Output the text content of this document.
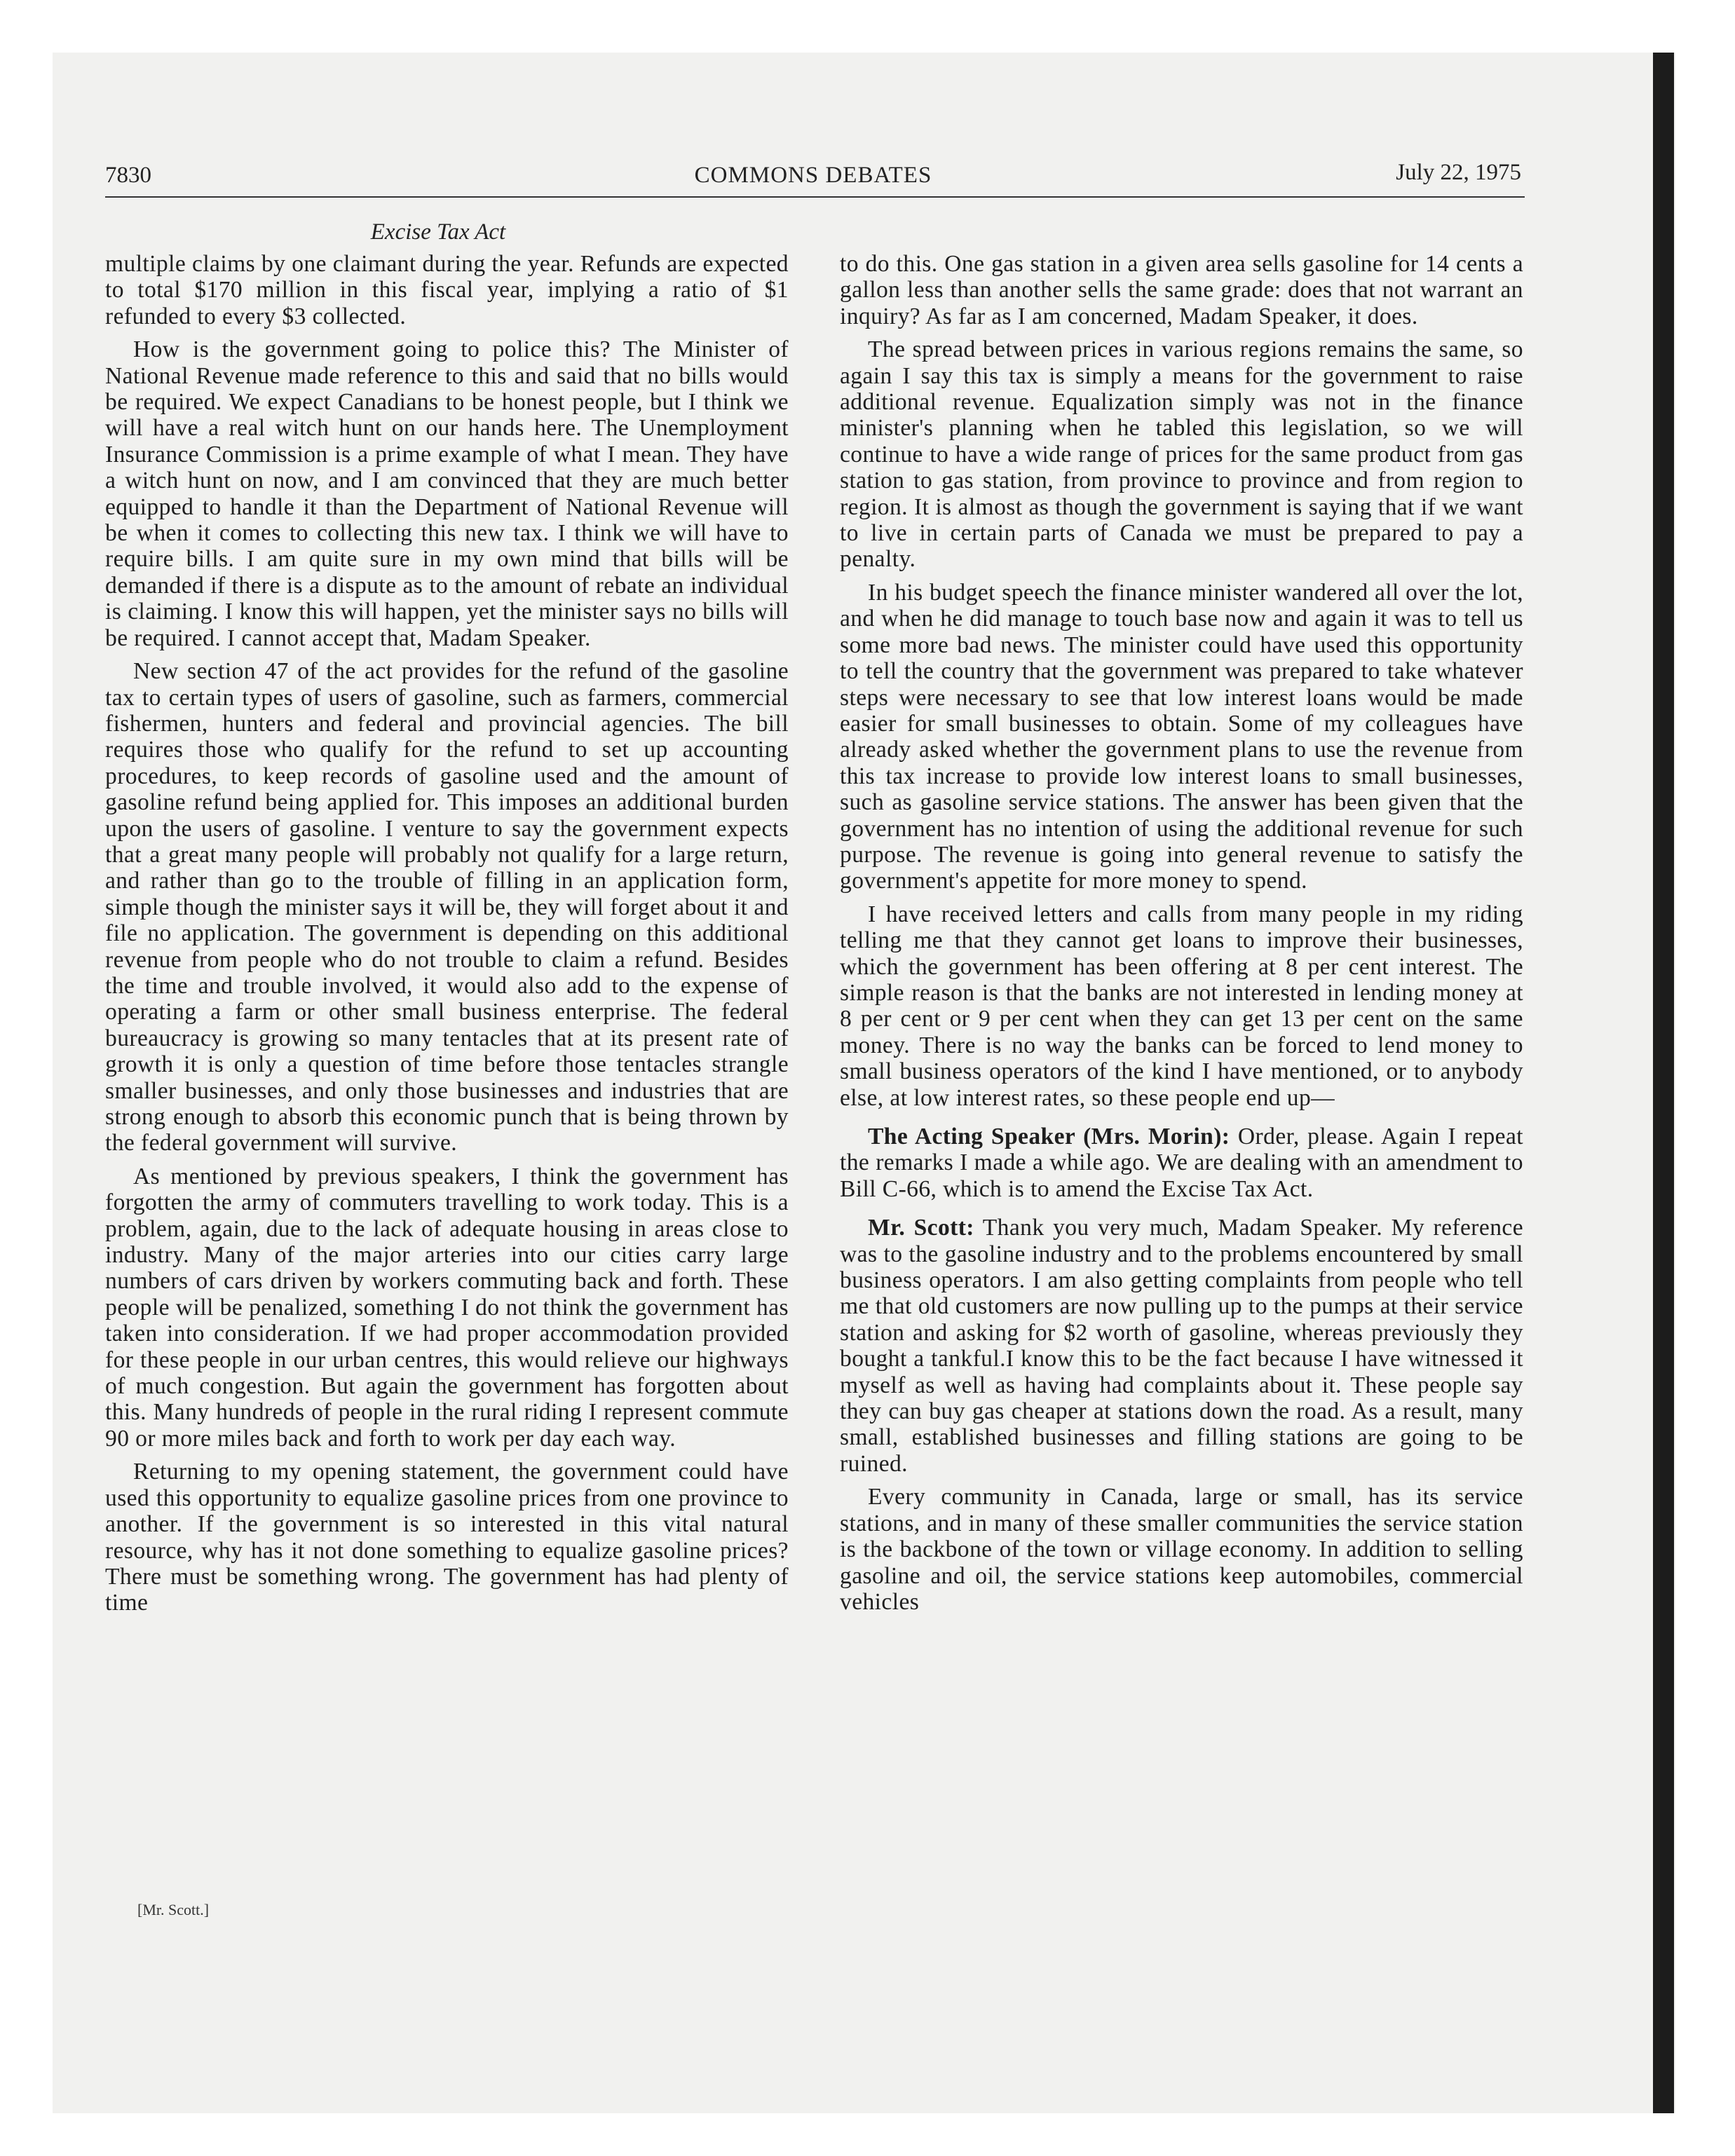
7830	COMMONS DEBATES	July 22, 1975
Excise Tax Act

multiple claims by one claimant during the year. Refunds are expected to total $170 million in this fiscal year, implying a ratio of $1 refunded to every $3 collected.

How is the government going to police this? The Minister of National Revenue made reference to this and said that no bills would be required. We expect Canadians to be honest people, but I think we will have a real witch hunt on our hands here. The Unemployment Insurance Commission is a prime example of what I mean. They have a witch hunt on now, and I am convinced that they are much better equipped to handle it than the Department of National Revenue will be when it comes to collecting this new tax. I think we will have to require bills. I am quite sure in my own mind that bills will be demanded if there is a dispute as to the amount of rebate an individual is claiming. I know this will happen, yet the minister says no bills will be required. I cannot accept that, Madam Speaker.

New section 47 of the act provides for the refund of the gasoline tax to certain types of users of gasoline, such as farmers, commercial fishermen, hunters and federal and provincial agencies. The bill requires those who qualify for the refund to set up accounting procedures, to keep records of gasoline used and the amount of gasoline refund being applied for. This imposes an additional burden upon the users of gasoline. I venture to say the government expects that a great many people will probably not qualify for a large return, and rather than go to the trouble of filling in an application form, simple though the minister says it will be, they will forget about it and file no application. The government is depending on this additional revenue from people who do not trouble to claim a refund. Besides the time and trouble involved, it would also add to the expense of operating a farm or other small business enterprise. The federal bureaucracy is growing so many tentacles that at its present rate of growth it is only a question of time before those tentacles strangle smaller businesses, and only those businesses and industries that are strong enough to absorb this economic punch that is being thrown by the federal government will survive.

As mentioned by previous speakers, I think the government has forgotten the army of commuters travelling to work today. This is a problem, again, due to the lack of adequate housing in areas close to industry. Many of the major arteries into our cities carry large numbers of cars driven by workers commuting back and forth. These people will be penalized, something I do not think the government has taken into consideration. If we had proper accommodation provided for these people in our urban centres, this would relieve our highways of much congestion. But again the government has forgotten about this. Many hundreds of people in the rural riding I represent commute 90 or more miles back and forth to work per day each way.

Returning to my opening statement, the government could have used this opportunity to equalize gasoline prices from one province to another. If the government is so interested in this vital natural resource, why has it not done something to equalize gasoline prices? There must be something wrong. The government has had plenty of time

to do this. One gas station in a given area sells gasoline for 14 cents a gallon less than another sells the same grade: does that not warrant an inquiry? As far as I am concerned, Madam Speaker, it does.

The spread between prices in various regions remains the same, so again I say this tax is simply a means for the government to raise additional revenue. Equalization simply was not in the finance minister's planning when he tabled this legislation, so we will continue to have a wide range of prices for the same product from gas station to gas station, from province to province and from region to region. It is almost as though the government is saying that if we want to live in certain parts of Canada we must be prepared to pay a penalty.

In his budget speech the finance minister wandered all over the lot, and when he did manage to touch base now and again it was to tell us some more bad news. The minister could have used this opportunity to tell the country that the government was prepared to take whatever steps were necessary to see that low interest loans would be made easier for small businesses to obtain. Some of my colleagues have already asked whether the government plans to use the revenue from this tax increase to provide low interest loans to small businesses, such as gasoline service stations. The answer has been given that the government has no intention of using the additional revenue for such purpose. The revenue is going into general revenue to satisfy the government's appetite for more money to spend.

I have received letters and calls from many people in my riding telling me that they cannot get loans to improve their businesses, which the government has been offering at 8 per cent interest. The simple reason is that the banks are not interested in lending money at 8 per cent or 9 per cent when they can get 13 per cent on the same money. There is no way the banks can be forced to lend money to small business operators of the kind I have mentioned, or to anybody else, at low interest rates, so these people end up—

The Acting Speaker (Mrs. Morin): Order, please. Again I repeat the remarks I made a while ago. We are dealing with an amendment to Bill C-66, which is to amend the Excise Tax Act.

Mr. Scott: Thank you very much, Madam Speaker. My reference was to the gasoline industry and to the problems encountered by small business operators. I am also getting complaints from people who tell me that old customers are now pulling up to the pumps at their service station and asking for $2 worth of gasoline, whereas previously they bought a tankful.I know this to be the fact because I have witnessed it myself as well as having had complaints about it. These people say they can buy gas cheaper at stations down the road. As a result, many small, established businesses and filling stations are going to be ruined.

Every community in Canada, large or small, has its service stations, and in many of these smaller communities the service station is the backbone of the town or village economy. In addition to selling gasoline and oil, the service stations keep automobiles, commercial vehicles

[Mr. Scott.]
